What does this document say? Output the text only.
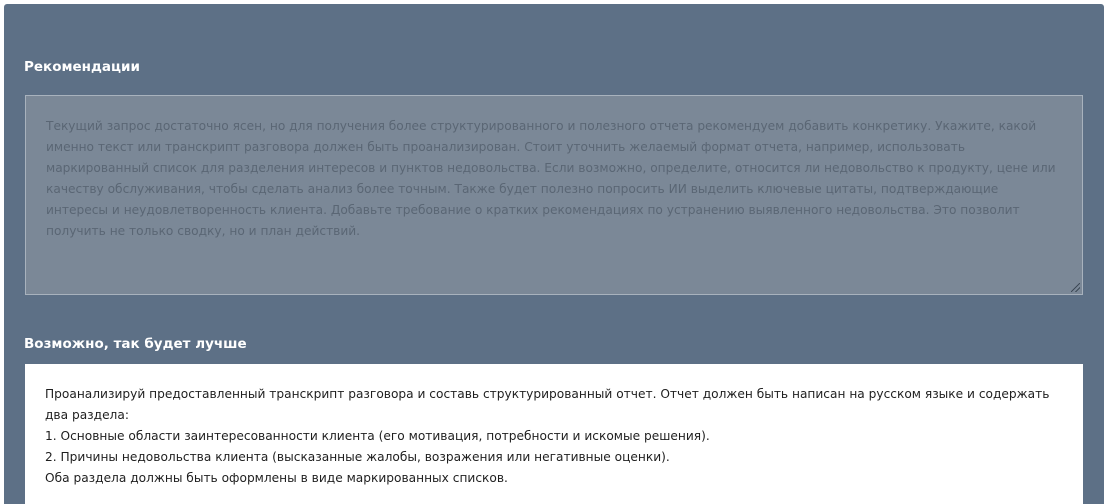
Рекомендации
Текущий запрос достаточно ясен, но для получения более структурированного и полезного отчета рекомендуем добавить конкретику. Укажите, какой именно текст или транскрипт разговора должен быть проанализирован. Стоит уточнить желаемый формат отчета, например, использовать маркированный список для разделения интересов и пунктов недовольства. Если возможно, определите, относится ли недовольство к продукту, цене или качеству обслуживания, чтобы сделать анализ более точным. Также будет полезно попросить ИИ выделить ключевые цитаты, подтверждающие интересы и неудовлетворенность клиента. Добавьте требование о кратких рекомендациях по устранению выявленного недовольства. Это позволит получить не только сводку, но и план действий.
Возможно, так будет лучше
Проанализируй предоставленный транскрипт разговора и составь структурированный отчет. Отчет должен быть написан на русском языке и содержать два раздела:
1. Основные области заинтересованности клиента (его мотивация, потребности и искомые решения).
2. Причины недовольства клиента (высказанные жалобы, возражения или негативные оценки).
Оба раздела должны быть оформлены в виде маркированных списков.
